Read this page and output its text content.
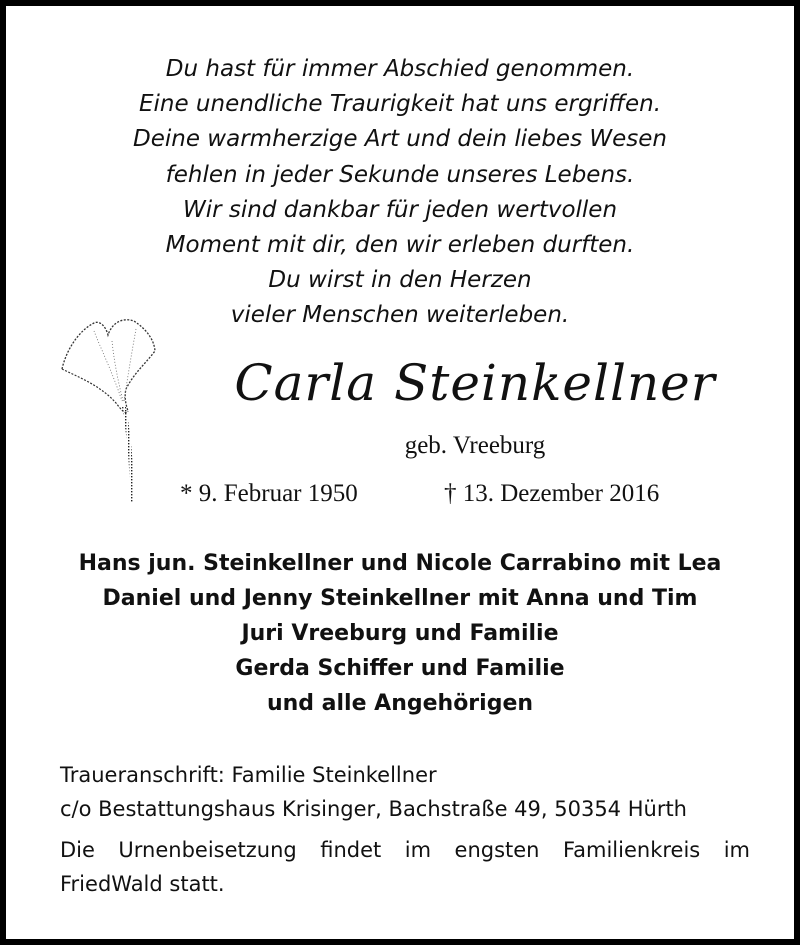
Du hast für immer Abschied genommen.
Eine unendliche Traurigkeit hat uns ergriffen.
Deine warmherzige Art und dein liebes Wesen
fehlen in jeder Sekunde unseres Lebens.
Wir sind dankbar für jeden wertvollen
Moment mit dir, den wir erleben durften.
Du wirst in den Herzen
vieler Menschen weiterleben.
Carla Steinkellner
geb. Vreeburg
* 9. Februar 1950	† 13. Dezember 2016
Hans jun. Steinkellner und Nicole Carrabino mit Lea
Daniel und Jenny Steinkellner mit Anna und Tim
Juri Vreeburg und Familie
Gerda Schiffer und Familie
und alle Angehörigen
Traueranschrift: Familie Steinkellner
c/o Bestattungshaus Krisinger, Bachstraße 49, 50354 Hürth
Die Urnenbeisetzung findet im engsten Familienkreis im FriedWald statt.
